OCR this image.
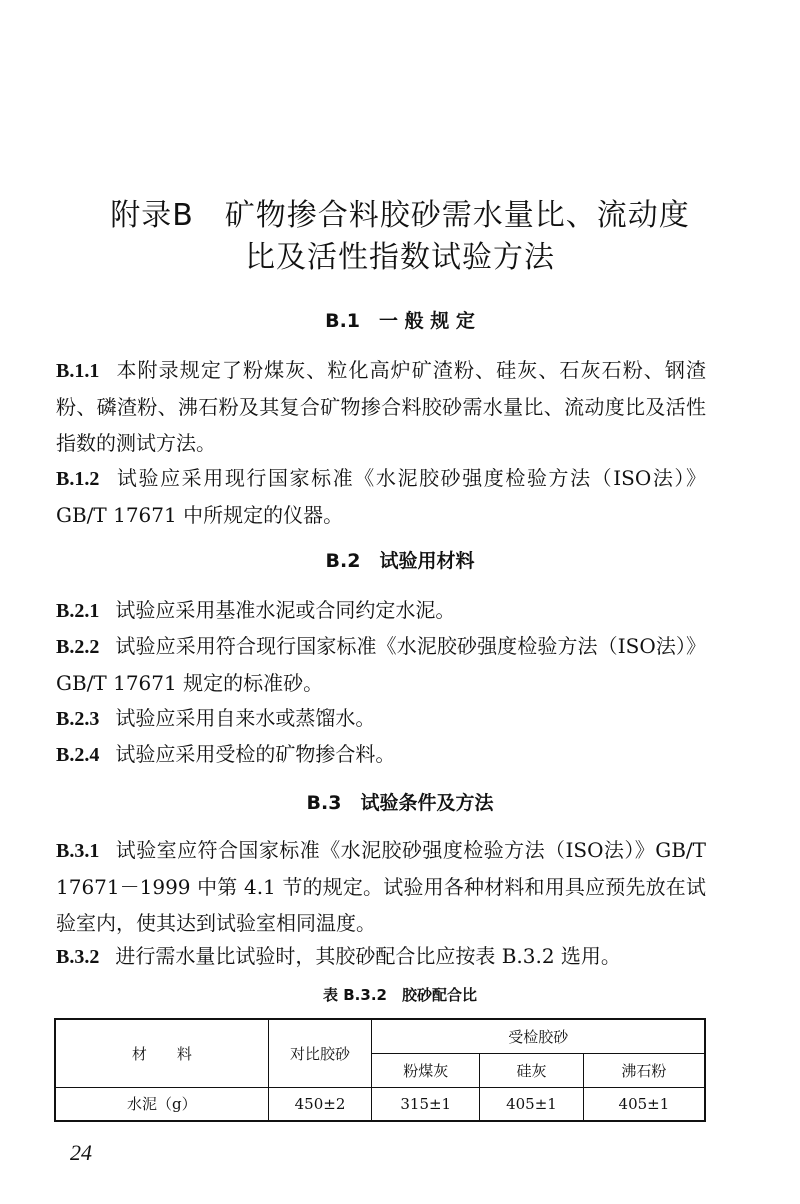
附录B　矿物掺合料胶砂需水量比、流动度
比及活性指数试验方法
B.1　一 般 规 定
B.1.1 本附录规定了粉煤灰、粒化高炉矿渣粉、硅灰、石灰石粉、钢渣粉、磷渣粉、沸石粉及其复合矿物掺合料胶砂需水量比、流动度比及活性指数的测试方法。
B.1.2 试验应采用现行国家标准《水泥胶砂强度检验方法（ISO法）》GB/T 17671 中所规定的仪器。
B.2　试验用材料
B.2.1 试验应采用基准水泥或合同约定水泥。
B.2.2 试验应采用符合现行国家标准《水泥胶砂强度检验方法（ISO法）》GB/T 17671 规定的标准砂。
B.2.3 试验应采用自来水或蒸馏水。
B.2.4 试验应采用受检的矿物掺合料。
B.3　试验条件及方法
B.3.1 试验室应符合国家标准《水泥胶砂强度检验方法（ISO法）》GB/T 17671－1999 中第 4.1 节的规定。试验用各种材料和用具应预先放在试验室内，使其达到试验室相同温度。
B.3.2 进行需水量比试验时，其胶砂配合比应按表 B.3.2 选用。
表 B.3.2　胶砂配合比
材　　料	对比胶砂	受检胶砂		
		粉煤灰	硅灰	沸石粉
水泥（g）	450±2	315±1	405±1	405±1
24
